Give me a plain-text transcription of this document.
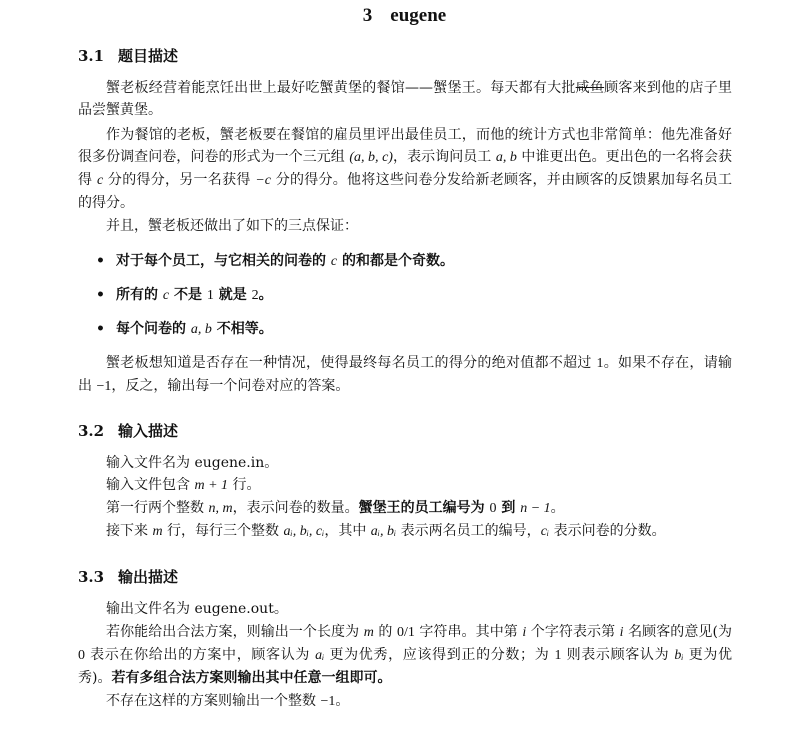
3 eugene
3.1 题目描述
蟹老板经营着能烹饪出世上最好吃蟹黄堡的餐馆——蟹堡王。每天都有大批咸鱼顾客来到他的店子里品尝蟹黄堡。
作为餐馆的老板，蟹老板要在餐馆的雇员里评出最佳员工，而他的统计方式也非常简单：他先准备好很多份调查问卷，问卷的形式为一个三元组 (a, b, c)，表示询问员工 a, b 中谁更出色。更出色的一名将会获得 c 分的得分，另一名获得 −c 分的得分。他将这些问卷分发给新老顾客，并由顾客的反馈累加每名员工的得分。
并且，蟹老板还做出了如下的三点保证：
• 对于每个员工，与它相关的问卷的 c 的和都是个奇数。
• 所有的 c 不是 1 就是 2。
• 每个问卷的 a, b 不相等。
蟹老板想知道是否存在一种情况，使得最终每名员工的得分的绝对值都不超过 1。如果不存在，请输出 −1，反之，输出每一个问卷对应的答案。
3.2 输入描述
输入文件名为 eugene.in。
输入文件包含 m + 1 行。
第一行两个整数 n, m，表示问卷的数量。蟹堡王的员工编号为 0 到 n − 1。
接下来 m 行，每行三个整数 aᵢ, bᵢ, cᵢ，其中 aᵢ, bᵢ 表示两名员工的编号，cᵢ 表示问卷的分数。
3.3 输出描述
输出文件名为 eugene.out。
若你能给出合法方案，则输出一个长度为 m 的 0/1 字符串。其中第 i 个字符表示第 i 名顾客的意见(为 0 表示在你给出的方案中，顾客认为 aᵢ 更为优秀，应该得到正的分数；为 1 则表示顾客认为 bᵢ 更为优秀)。若有多组合法方案则输出其中任意一组即可。
不存在这样的方案则输出一个整数 −1。
